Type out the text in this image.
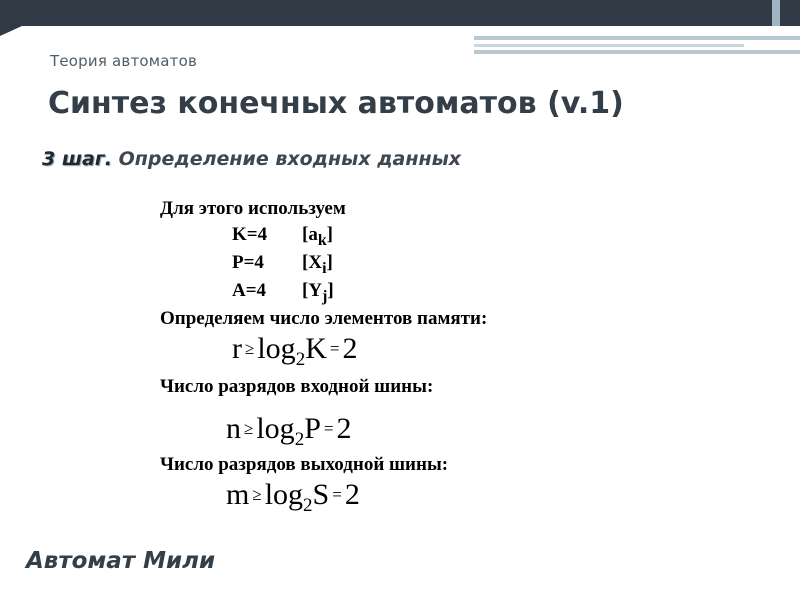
Теория автоматов
Синтез конечных автоматов (v.1)
3 шаг. Определение входных данных
Для этого используем
K=4 $[a_k]$
P=4 $[X_i]$
A=4 $[Y_j]$
Определяем число элементов памяти:
$r \ge \log_2K = 2$
Число разрядов входной шины:
$n \ge \log_2P = 2$
Число разрядов выходной шины:
$m \ge \log_2S = 2$
Автомат Мили
